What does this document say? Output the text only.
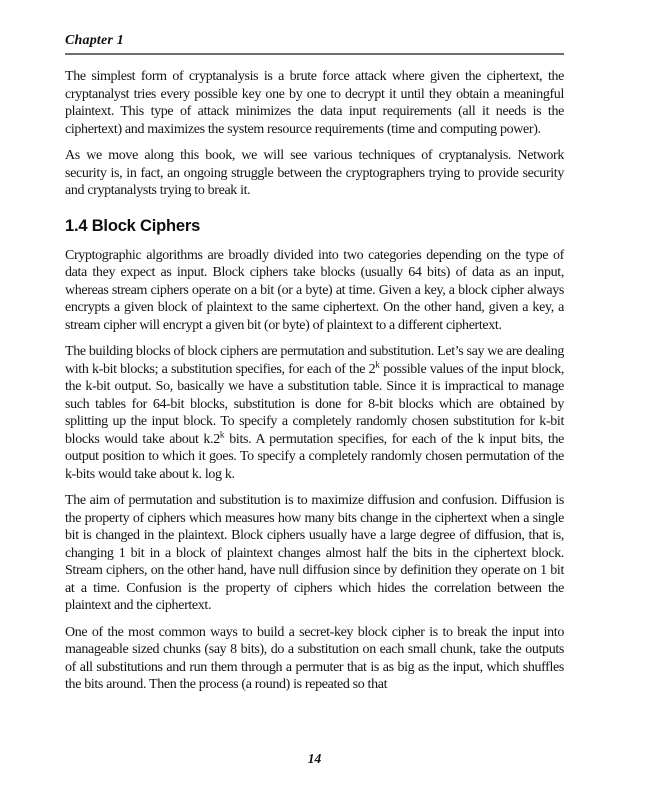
Chapter 1

The simplest form of cryptanalysis is a brute force attack where given the ciphertext, the cryptanalyst tries every possible key one by one to decrypt it until they obtain a meaningful plaintext. This type of attack minimizes the data input requirements (all it needs is the ciphertext) and maximizes the system resource requirements (time and computing power).

As we move along this book, we will see various techniques of cryptanalysis. Network security is, in fact, an ongoing struggle between the cryptographers trying to provide security and cryptanalysts trying to break it.

1.4 Block Ciphers

Cryptographic algorithms are broadly divided into two categories depending on the type of data they expect as input. Block ciphers take blocks (usually 64 bits) of data as an input, whereas stream ciphers operate on a bit (or a byte) at time. Given a key, a block cipher always encrypts a given block of plaintext to the same ciphertext. On the other hand, given a key, a stream cipher will encrypt a given bit (or byte) of plaintext to a different ciphertext.

The building blocks of block ciphers are permutation and substitution. Let’s say we are dealing with k-bit blocks; a substitution specifies, for each of the 2$^k$ possible values of the input block, the k-bit output. So, basically we have a substitution table. Since it is impractical to manage such tables for 64-bit blocks, substitution is done for 8-bit blocks which are obtained by splitting up the input block. To specify a completely randomly chosen substitution for k-bit blocks would take about k.2$^k$ bits. A permutation specifies, for each of the k input bits, the output position to which it goes. To specify a completely randomly chosen permutation of the k-bits would take about k. log k.

The aim of permutation and substitution is to maximize diffusion and confusion. Diffusion is the property of ciphers which measures how many bits change in the ciphertext when a single bit is changed in the plaintext. Block ciphers usually have a large degree of diffusion, that is, changing 1 bit in a block of plaintext changes almost half the bits in the ciphertext block. Stream ciphers, on the other hand, have null diffusion since by definition they operate on 1 bit at a time. Confusion is the property of ciphers which hides the correlation between the plaintext and the ciphertext.

One of the most common ways to build a secret-key block cipher is to break the input into manageable sized chunks (say 8 bits), do a substitution on each small chunk, take the outputs of all substitutions and run them through a permuter that is as big as the input, which shuffles the bits around. Then the process (a round) is repeated so that

14
